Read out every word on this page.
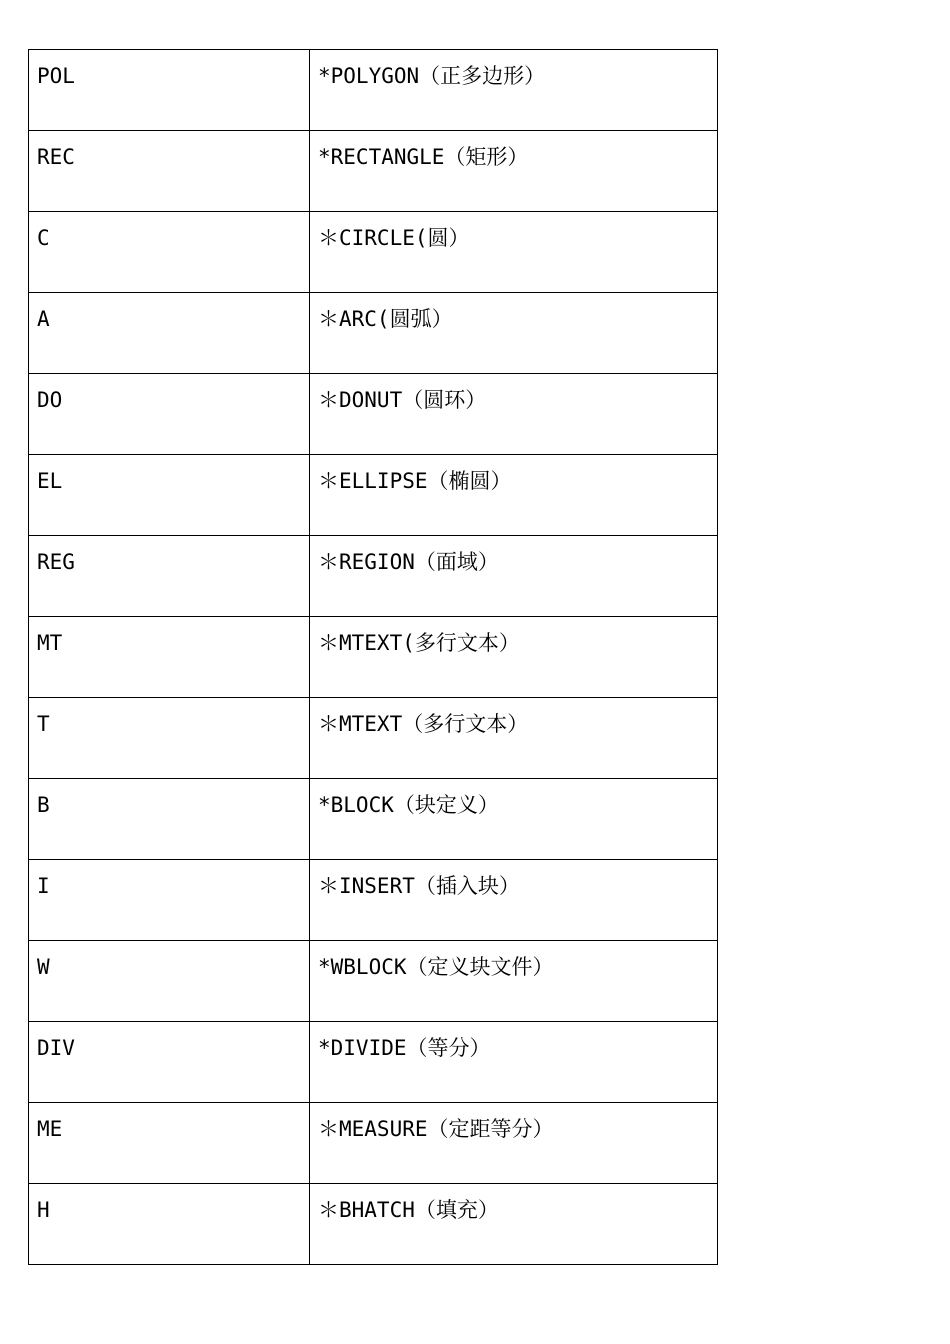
POL	*POLYGON（正多边形）
REC	*RECTANGLE（矩形）
C	＊CIRCLE(圆）
A	＊ARC(圆弧）
DO	＊DONUT（圆环）
EL	＊ELLIPSE（椭圆）
REG	＊REGION（面域）
MT	＊MTEXT(多行文本）
T	＊MTEXT（多行文本）
B	*BLOCK（块定义）
I	＊INSERT（插入块）
W	*WBLOCK（定义块文件）
DIV	*DIVIDE（等分）
ME	＊MEASURE（定距等分）
H	＊BHATCH（填充）
